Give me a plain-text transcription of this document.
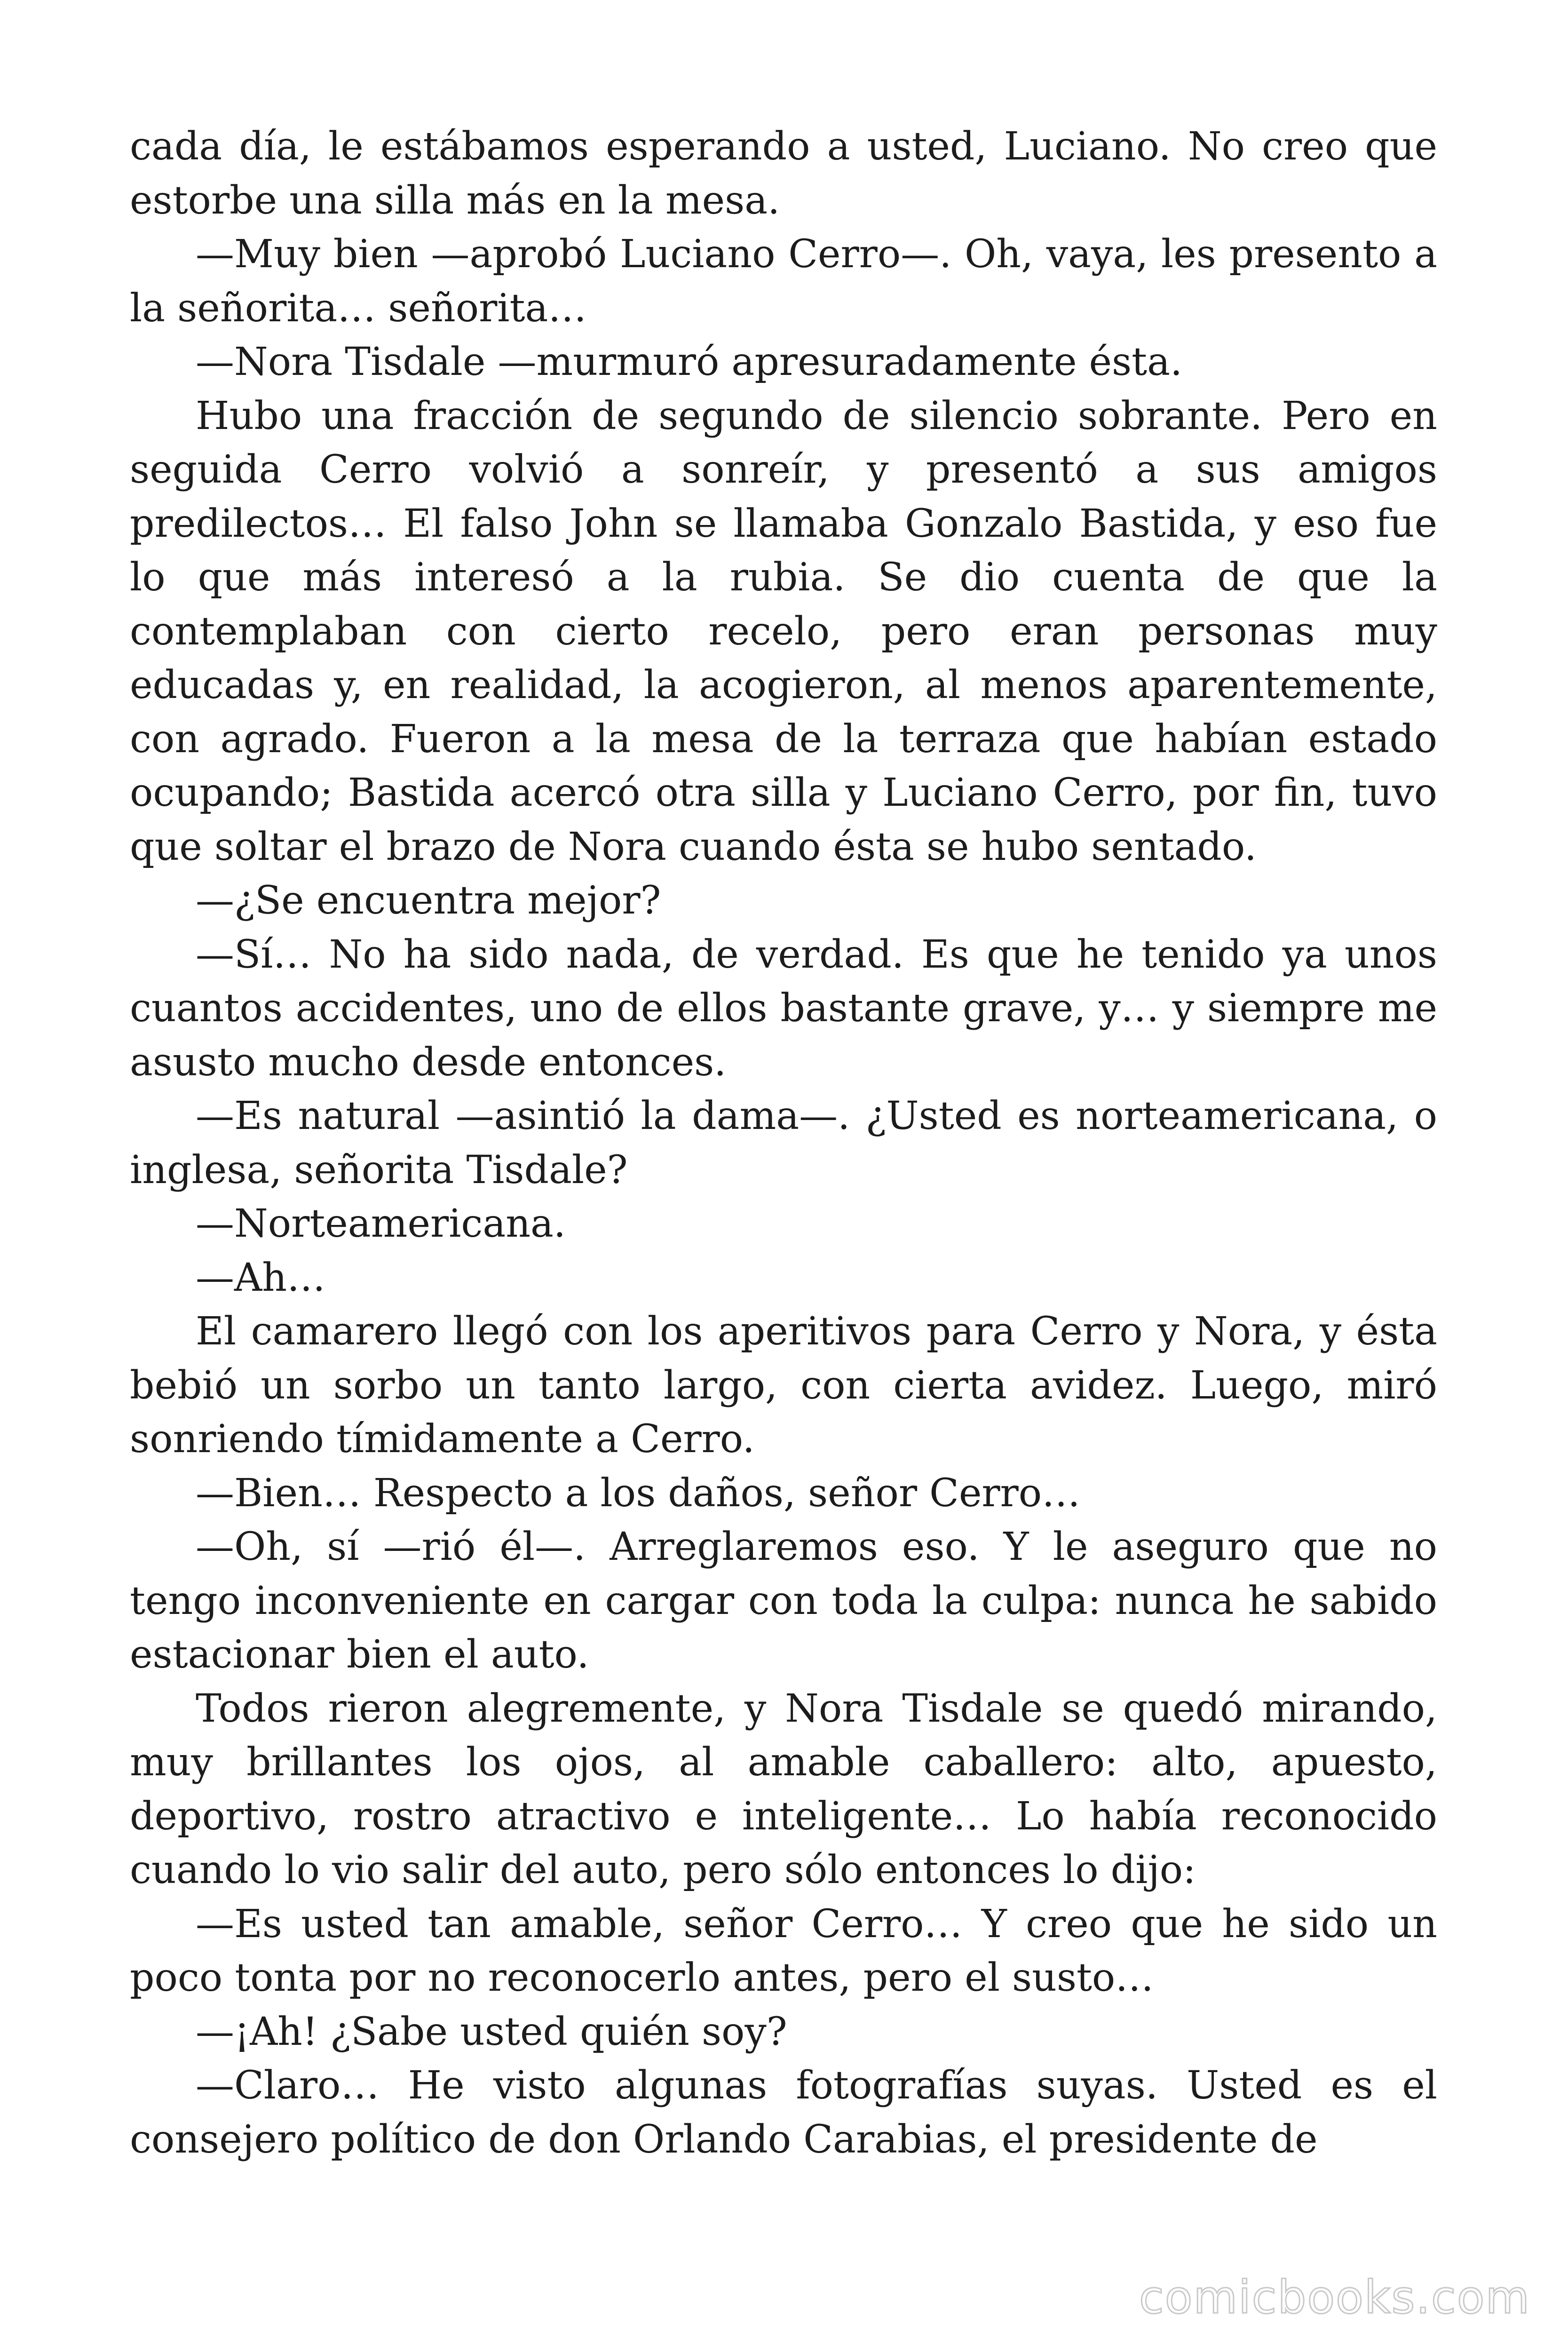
cada día, le estábamos esperando a usted, Luciano. No creo que estorbe una silla más en la mesa.

—Muy bien —aprobó Luciano Cerro—. Oh, vaya, les presento a la señorita… señorita…

—Nora Tisdale —murmuró apresuradamente ésta.

Hubo una fracción de segundo de silencio sobrante. Pero en seguida Cerro volvió a sonreír, y presentó a sus amigos predilectos… El falso John se llamaba Gonzalo Bastida, y eso fue lo que más interesó a la rubia. Se dio cuenta de que la contemplaban con cierto recelo, pero eran personas muy educadas y, en realidad, la acogieron, al menos aparentemente, con agrado. Fueron a la mesa de la terraza que habían estado ocupando; Bastida acercó otra silla y Luciano Cerro, por fin, tuvo que soltar el brazo de Nora cuando ésta se hubo sentado.

—¿Se encuentra mejor?

—Sí… No ha sido nada, de verdad. Es que he tenido ya unos cuantos accidentes, uno de ellos bastante grave, y… y siempre me asusto mucho desde entonces.

—Es natural —asintió la dama—. ¿Usted es norteamericana, o inglesa, señorita Tisdale?

—Norteamericana.

—Ah…

El camarero llegó con los aperitivos para Cerro y Nora, y ésta bebió un sorbo un tanto largo, con cierta avidez. Luego, miró sonriendo tímidamente a Cerro.

—Bien… Respecto a los daños, señor Cerro…

—Oh, sí —rió él—. Arreglaremos eso. Y le aseguro que no tengo inconveniente en cargar con toda la culpa: nunca he sabido estacionar bien el auto.

Todos rieron alegremente, y Nora Tisdale se quedó mirando, muy brillantes los ojos, al amable caballero: alto, apuesto, deportivo, rostro atractivo e inteligente… Lo había reconocido cuando lo vio salir del auto, pero sólo entonces lo dijo:

—Es usted tan amable, señor Cerro… Y creo que he sido un poco tonta por no reconocerlo antes, pero el susto…

—¡Ah! ¿Sabe usted quién soy?

—Claro… He visto algunas fotografías suyas. Usted es el consejero político de don Orlando Carabias, el presidente de

comicbooks.com
